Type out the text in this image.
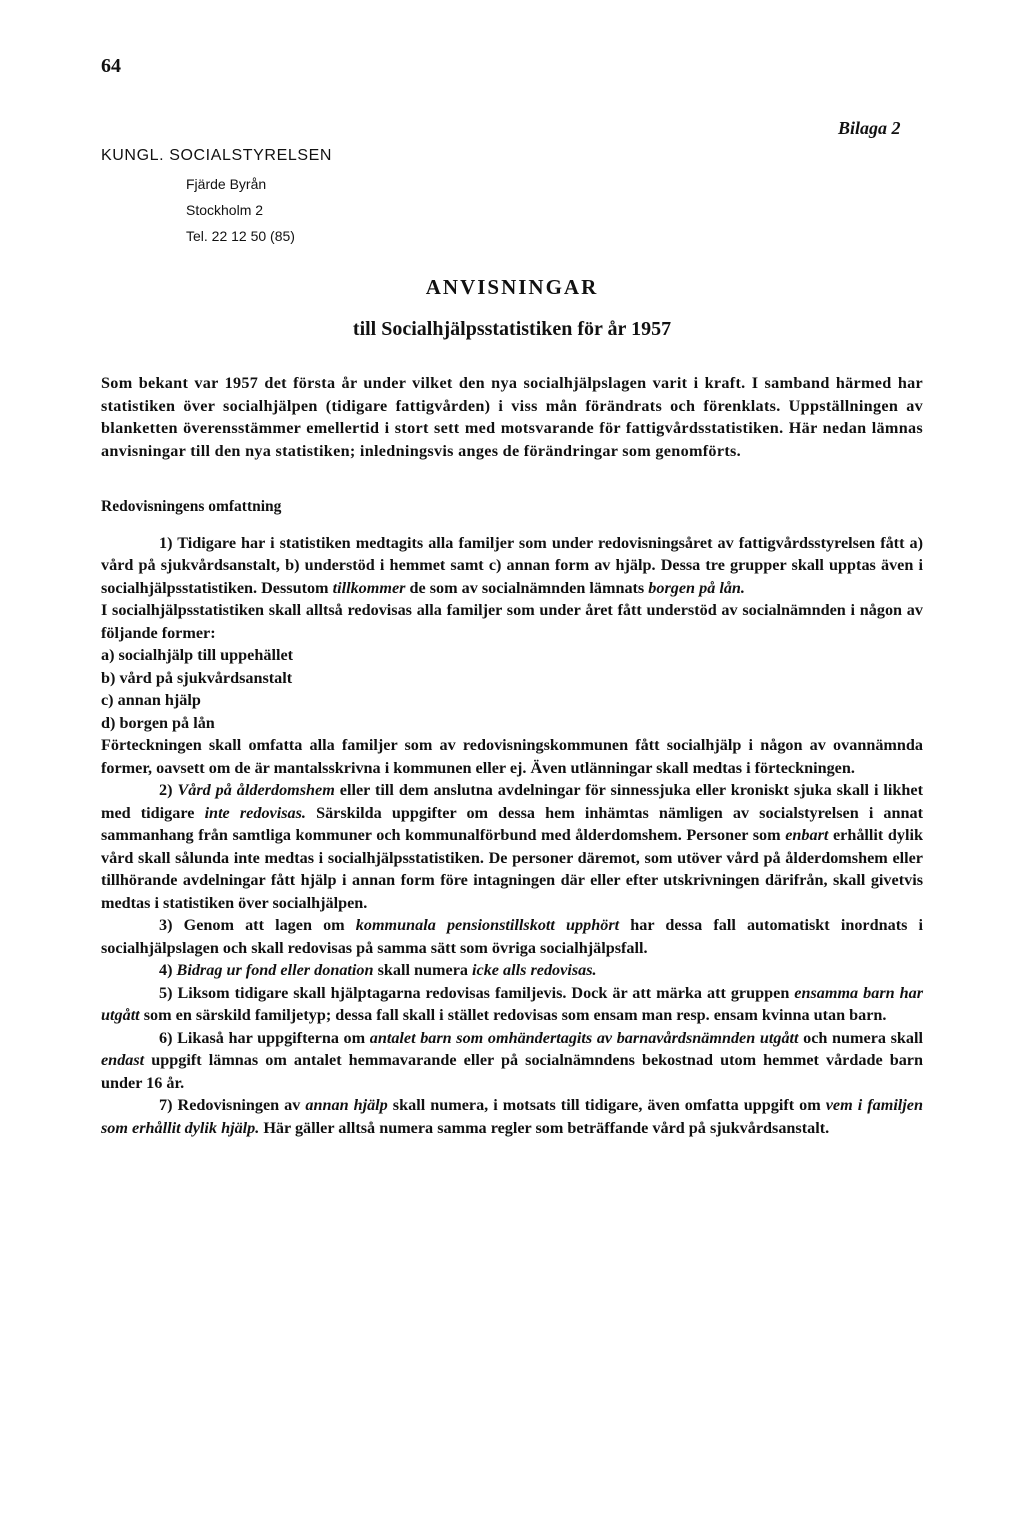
64
Bilaga 2
KUNGL. SOCIALSTYRELSEN
Fjärde Byrån
Stockholm 2
Tel. 22 12 50 (85)
ANVISNINGAR
till Socialhjälpsstatistiken för år 1957

Som bekant var 1957 det första år under vilket den nya socialhjälpslagen varit i kraft. I samband härmed har statistiken över socialhjälpen (tidigare fattigvården) i viss mån förändrats och förenklats. Uppställningen av blanketten överensstämmer emellertid i stort sett med motsvarande för fattigvårdsstatistiken. Här nedan lämnas anvisningar till den nya statistiken; inledningsvis anges de förändringar som genomförts.

Redovisningens omfattning

1) Tidigare har i statistiken medtagits alla familjer som under redovisningsåret av fattigvårdsstyrelsen fått a) vård på sjukvårdsanstalt, b) understöd i hemmet samt c) annan form av hjälp. Dessa tre grupper skall upptas även i socialhjälpsstatistiken. Dessutom tillkommer de som av socialnämnden lämnats borgen på lån.

I socialhjälpsstatistiken skall alltså redovisas alla familjer som under året fått understöd av socialnämnden i någon av följande former:

a) socialhjälp till uppehället

b) vård på sjukvårdsanstalt

c) annan hjälp

d) borgen på lån

Förteckningen skall omfatta alla familjer som av redovisningskommunen fått socialhjälp i någon av ovannämnda former, oavsett om de är mantalsskrivna i kommunen eller ej. Även utlänningar skall medtas i förteckningen.

2) Vård på ålderdomshem eller till dem anslutna avdelningar för sinnessjuka eller kroniskt sjuka skall i likhet med tidigare inte redovisas. Särskilda uppgifter om dessa hem inhämtas nämligen av socialstyrelsen i annat sammanhang från samtliga kommuner och kommunalförbund med ålderdomshem. Personer som enbart erhållit dylik vård skall sålunda inte medtas i socialhjälpsstatistiken. De personer däremot, som utöver vård på ålderdomshem eller tillhörande avdelningar fått hjälp i annan form före intagningen där eller efter utskrivningen därifrån, skall givetvis medtas i statistiken över socialhjälpen.

3) Genom att lagen om kommunala pensionstillskott upphört har dessa fall automatiskt inordnats i socialhjälpslagen och skall redovisas på samma sätt som övriga socialhjälpsfall.

4) Bidrag ur fond eller donation skall numera icke alls redovisas.

5) Liksom tidigare skall hjälptagarna redovisas familjevis. Dock är att märka att gruppen ensamma barn har utgått som en särskild familjetyp; dessa fall skall i stället redovisas som ensam man resp. ensam kvinna utan barn.

6) Likaså har uppgifterna om antalet barn som omhändertagits av barnavårdsnämnden utgått och numera skall endast uppgift lämnas om antalet hemmavarande eller på socialnämndens bekostnad utom hemmet vårdade barn under 16 år.

7) Redovisningen av annan hjälp skall numera, i motsats till tidigare, även omfatta uppgift om vem i familjen som erhållit dylik hjälp. Här gäller alltså numera samma regler som beträffande vård på sjukvårdsanstalt.
